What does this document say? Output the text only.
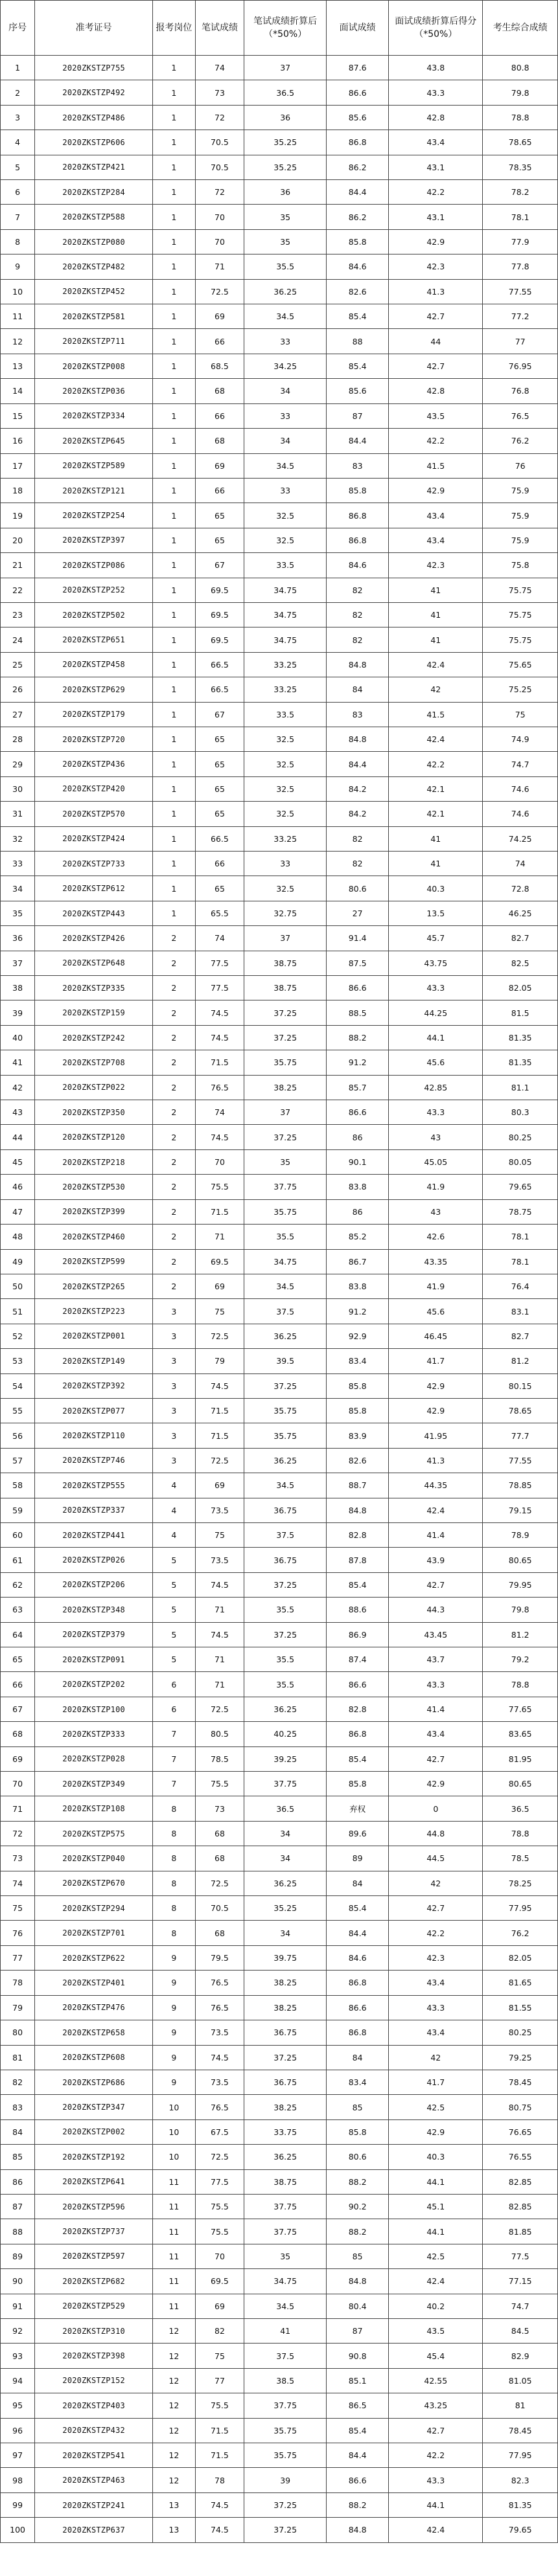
序号	准考证号	报考岗位	笔试成绩	笔试成绩折算后（*50%）	面试成绩	面试成绩折算后得分（*50%）	考生综合成绩
1	2020ZKSTZP755	1	74	37	87.6	43.8	80.8
2	2020ZKSTZP492	1	73	36.5	86.6	43.3	79.8
3	2020ZKSTZP486	1	72	36	85.6	42.8	78.8
4	2020ZKSTZP606	1	70.5	35.25	86.8	43.4	78.65
5	2020ZKSTZP421	1	70.5	35.25	86.2	43.1	78.35
6	2020ZKSTZP284	1	72	36	84.4	42.2	78.2
7	2020ZKSTZP588	1	70	35	86.2	43.1	78.1
8	2020ZKSTZP080	1	70	35	85.8	42.9	77.9
9	2020ZKSTZP482	1	71	35.5	84.6	42.3	77.8
10	2020ZKSTZP452	1	72.5	36.25	82.6	41.3	77.55
11	2020ZKSTZP581	1	69	34.5	85.4	42.7	77.2
12	2020ZKSTZP711	1	66	33	88	44	77
13	2020ZKSTZP008	1	68.5	34.25	85.4	42.7	76.95
14	2020ZKSTZP036	1	68	34	85.6	42.8	76.8
15	2020ZKSTZP334	1	66	33	87	43.5	76.5
16	2020ZKSTZP645	1	68	34	84.4	42.2	76.2
17	2020ZKSTZP589	1	69	34.5	83	41.5	76
18	2020ZKSTZP121	1	66	33	85.8	42.9	75.9
19	2020ZKSTZP254	1	65	32.5	86.8	43.4	75.9
20	2020ZKSTZP397	1	65	32.5	86.8	43.4	75.9
21	2020ZKSTZP086	1	67	33.5	84.6	42.3	75.8
22	2020ZKSTZP252	1	69.5	34.75	82	41	75.75
23	2020ZKSTZP502	1	69.5	34.75	82	41	75.75
24	2020ZKSTZP651	1	69.5	34.75	82	41	75.75
25	2020ZKSTZP458	1	66.5	33.25	84.8	42.4	75.65
26	2020ZKSTZP629	1	66.5	33.25	84	42	75.25
27	2020ZKSTZP179	1	67	33.5	83	41.5	75
28	2020ZKSTZP720	1	65	32.5	84.8	42.4	74.9
29	2020ZKSTZP436	1	65	32.5	84.4	42.2	74.7
30	2020ZKSTZP420	1	65	32.5	84.2	42.1	74.6
31	2020ZKSTZP570	1	65	32.5	84.2	42.1	74.6
32	2020ZKSTZP424	1	66.5	33.25	82	41	74.25
33	2020ZKSTZP733	1	66	33	82	41	74
34	2020ZKSTZP612	1	65	32.5	80.6	40.3	72.8
35	2020ZKSTZP443	1	65.5	32.75	27	13.5	46.25
36	2020ZKSTZP426	2	74	37	91.4	45.7	82.7
37	2020ZKSTZP648	2	77.5	38.75	87.5	43.75	82.5
38	2020ZKSTZP335	2	77.5	38.75	86.6	43.3	82.05
39	2020ZKSTZP159	2	74.5	37.25	88.5	44.25	81.5
40	2020ZKSTZP242	2	74.5	37.25	88.2	44.1	81.35
41	2020ZKSTZP708	2	71.5	35.75	91.2	45.6	81.35
42	2020ZKSTZP022	2	76.5	38.25	85.7	42.85	81.1
43	2020ZKSTZP350	2	74	37	86.6	43.3	80.3
44	2020ZKSTZP120	2	74.5	37.25	86	43	80.25
45	2020ZKSTZP218	2	70	35	90.1	45.05	80.05
46	2020ZKSTZP530	2	75.5	37.75	83.8	41.9	79.65
47	2020ZKSTZP399	2	71.5	35.75	86	43	78.75
48	2020ZKSTZP460	2	71	35.5	85.2	42.6	78.1
49	2020ZKSTZP599	2	69.5	34.75	86.7	43.35	78.1
50	2020ZKSTZP265	2	69	34.5	83.8	41.9	76.4
51	2020ZKSTZP223	3	75	37.5	91.2	45.6	83.1
52	2020ZKSTZP001	3	72.5	36.25	92.9	46.45	82.7
53	2020ZKSTZP149	3	79	39.5	83.4	41.7	81.2
54	2020ZKSTZP392	3	74.5	37.25	85.8	42.9	80.15
55	2020ZKSTZP077	3	71.5	35.75	85.8	42.9	78.65
56	2020ZKSTZP110	3	71.5	35.75	83.9	41.95	77.7
57	2020ZKSTZP746	3	72.5	36.25	82.6	41.3	77.55
58	2020ZKSTZP555	4	69	34.5	88.7	44.35	78.85
59	2020ZKSTZP337	4	73.5	36.75	84.8	42.4	79.15
60	2020ZKSTZP441	4	75	37.5	82.8	41.4	78.9
61	2020ZKSTZP026	5	73.5	36.75	87.8	43.9	80.65
62	2020ZKSTZP206	5	74.5	37.25	85.4	42.7	79.95
63	2020ZKSTZP348	5	71	35.5	88.6	44.3	79.8
64	2020ZKSTZP379	5	74.5	37.25	86.9	43.45	81.2
65	2020ZKSTZP091	5	71	35.5	87.4	43.7	79.2
66	2020ZKSTZP202	6	71	35.5	86.6	43.3	78.8
67	2020ZKSTZP100	6	72.5	36.25	82.8	41.4	77.65
68	2020ZKSTZP333	7	80.5	40.25	86.8	43.4	83.65
69	2020ZKSTZP028	7	78.5	39.25	85.4	42.7	81.95
70	2020ZKSTZP349	7	75.5	37.75	85.8	42.9	80.65
71	2020ZKSTZP108	8	73	36.5	弃权	0	36.5
72	2020ZKSTZP575	8	68	34	89.6	44.8	78.8
73	2020ZKSTZP040	8	68	34	89	44.5	78.5
74	2020ZKSTZP670	8	72.5	36.25	84	42	78.25
75	2020ZKSTZP294	8	70.5	35.25	85.4	42.7	77.95
76	2020ZKSTZP701	8	68	34	84.4	42.2	76.2
77	2020ZKSTZP622	9	79.5	39.75	84.6	42.3	82.05
78	2020ZKSTZP401	9	76.5	38.25	86.8	43.4	81.65
79	2020ZKSTZP476	9	76.5	38.25	86.6	43.3	81.55
80	2020ZKSTZP658	9	73.5	36.75	86.8	43.4	80.25
81	2020ZKSTZP608	9	74.5	37.25	84	42	79.25
82	2020ZKSTZP686	9	73.5	36.75	83.4	41.7	78.45
83	2020ZKSTZP347	10	76.5	38.25	85	42.5	80.75
84	2020ZKSTZP002	10	67.5	33.75	85.8	42.9	76.65
85	2020ZKSTZP192	10	72.5	36.25	80.6	40.3	76.55
86	2020ZKSTZP641	11	77.5	38.75	88.2	44.1	82.85
87	2020ZKSTZP596	11	75.5	37.75	90.2	45.1	82.85
88	2020ZKSTZP737	11	75.5	37.75	88.2	44.1	81.85
89	2020ZKSTZP597	11	70	35	85	42.5	77.5
90	2020ZKSTZP682	11	69.5	34.75	84.8	42.4	77.15
91	2020ZKSTZP529	11	69	34.5	80.4	40.2	74.7
92	2020ZKSTZP310	12	82	41	87	43.5	84.5
93	2020ZKSTZP398	12	75	37.5	90.8	45.4	82.9
94	2020ZKSTZP152	12	77	38.5	85.1	42.55	81.05
95	2020ZKSTZP403	12	75.5	37.75	86.5	43.25	81
96	2020ZKSTZP432	12	71.5	35.75	85.4	42.7	78.45
97	2020ZKSTZP541	12	71.5	35.75	84.4	42.2	77.95
98	2020ZKSTZP463	12	78	39	86.6	43.3	82.3
99	2020ZKSTZP241	13	74.5	37.25	88.2	44.1	81.35
100	2020ZKSTZP637	13	74.5	37.25	84.8	42.4	79.65
